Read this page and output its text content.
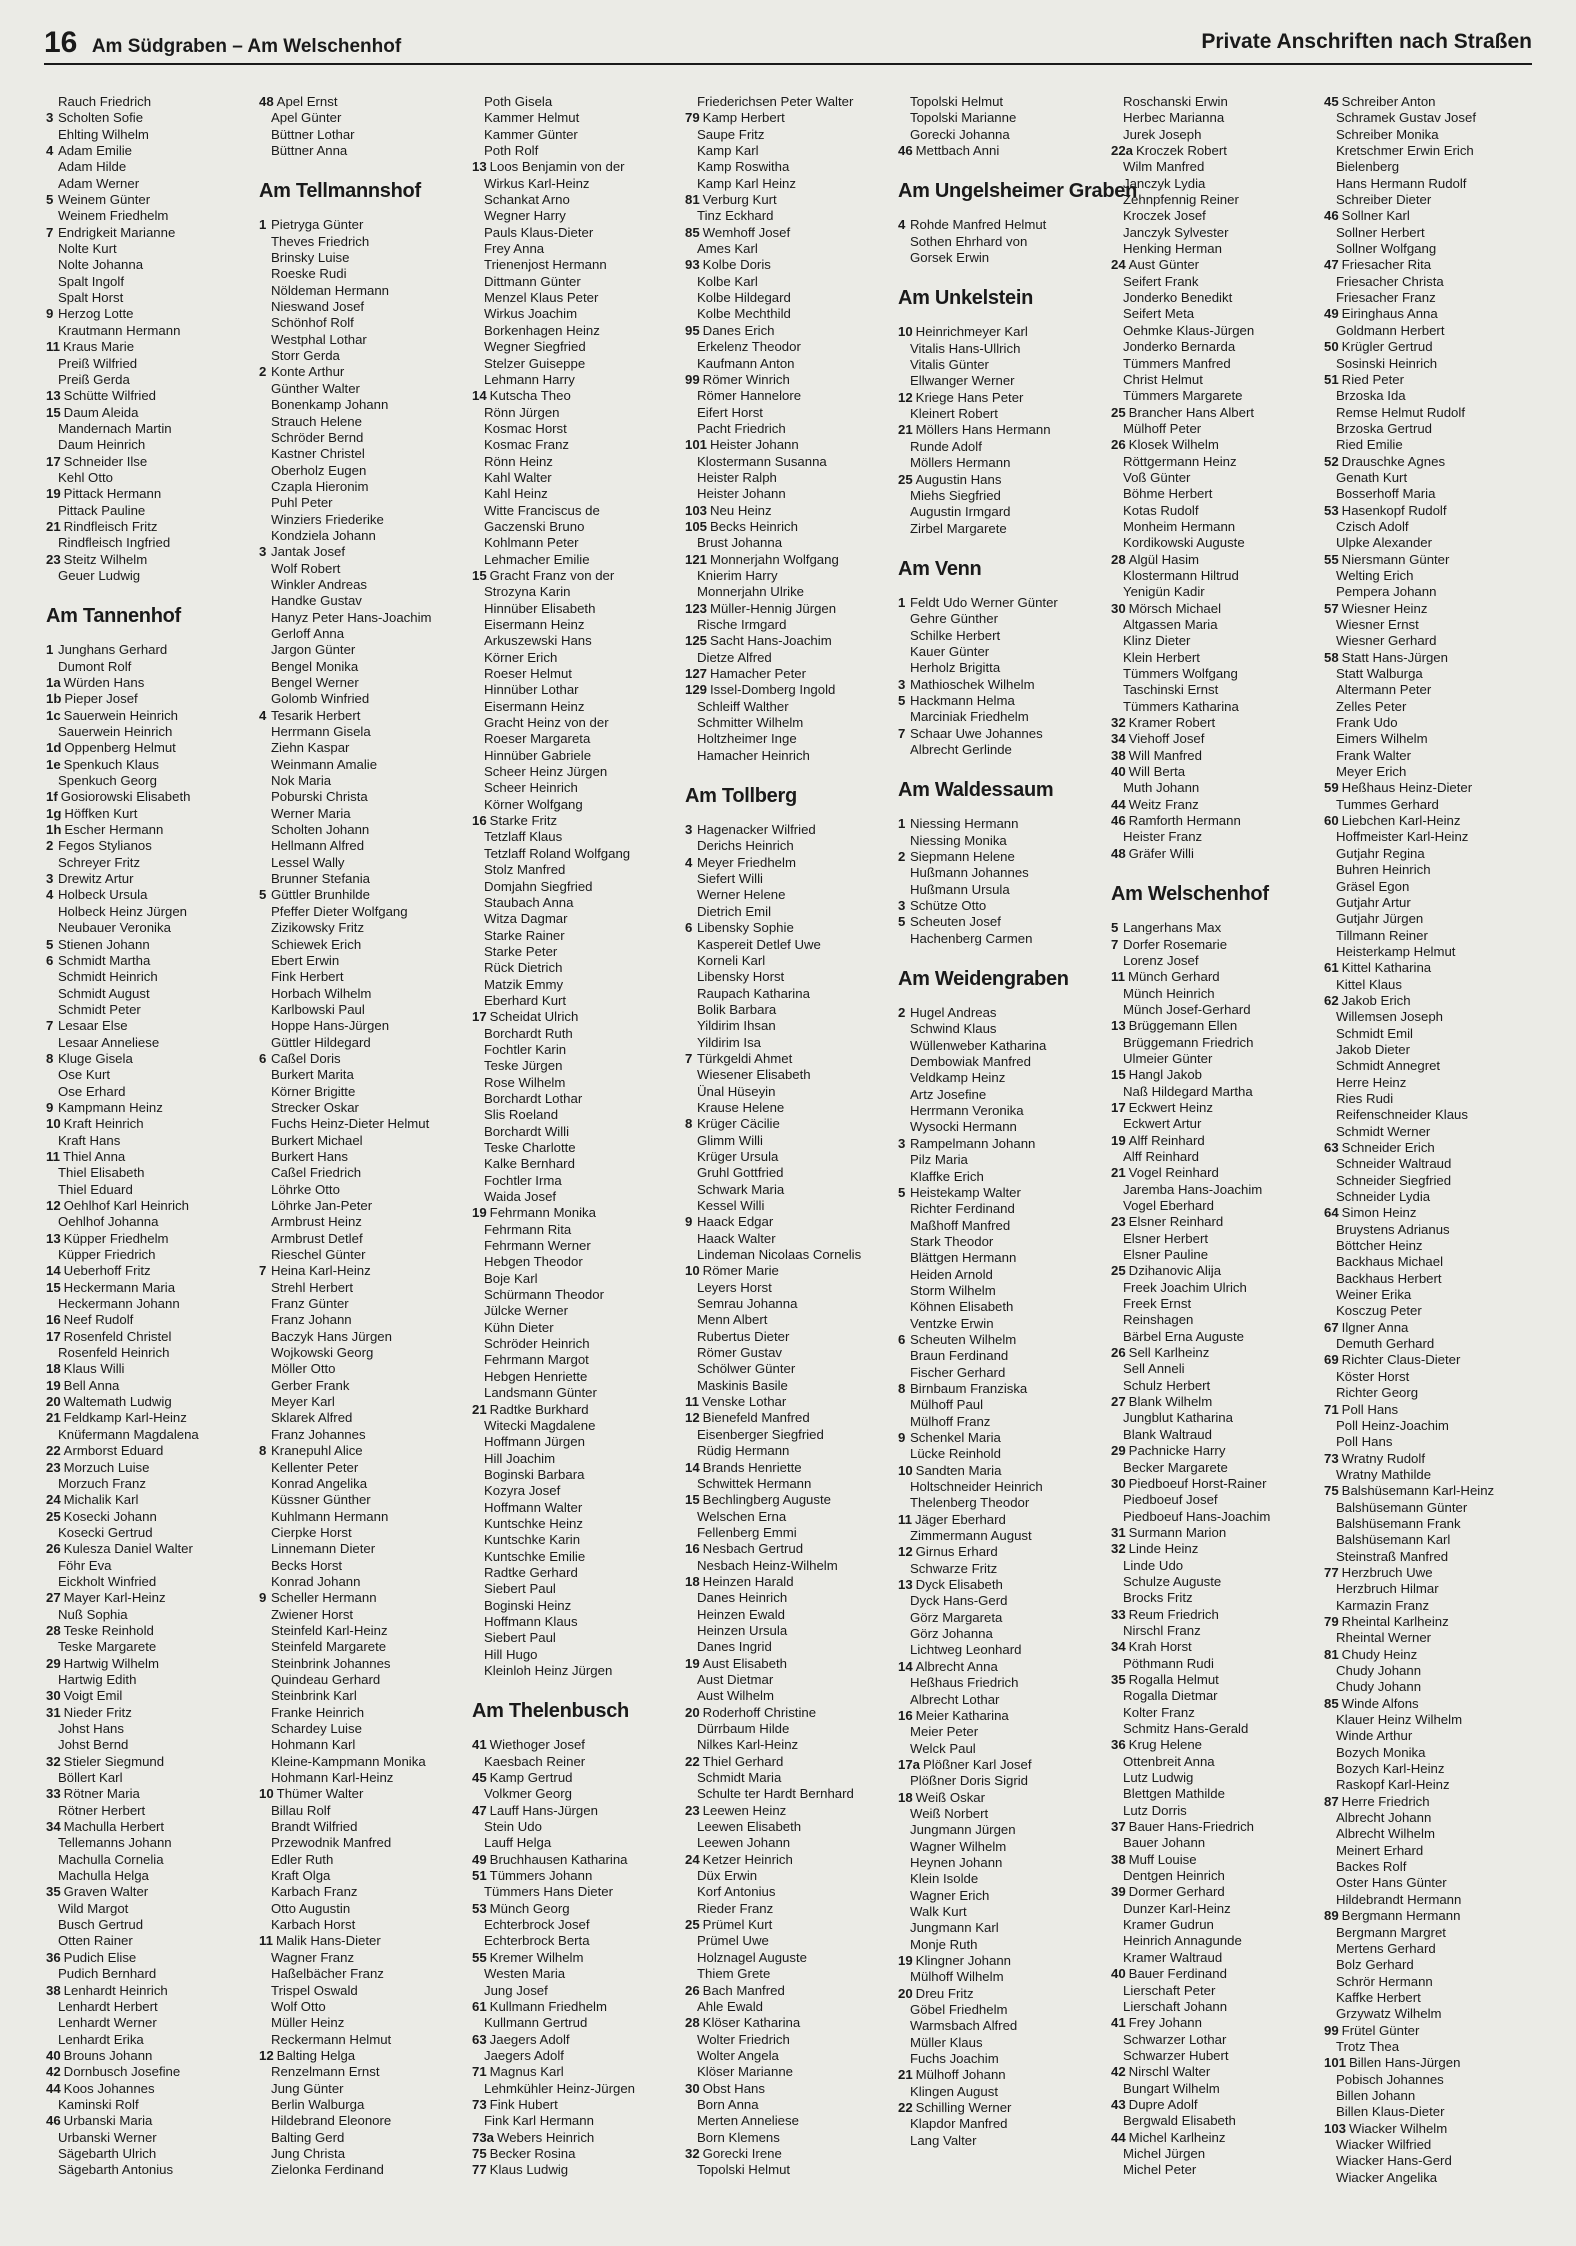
16 Am Südgraben – Am Welschenhof	Private Anschriften nach Straßen
Rauch Friedrich
3 Scholten Sofie
Ehlting Wilhelm
4 Adam Emilie
Adam Hilde
Adam Werner
5 Weinem Günter
Weinem Friedhelm
7 Endrigkeit Marianne
Nolte Kurt
Nolte Johanna
Spalt Ingolf
Spalt Horst
9 Herzog Lotte
Krautmann Hermann
11 Kraus Marie
Preiß Wilfried
Preiß Gerda
13 Schütte Wilfried
15 Daum Aleida
Mandernach Martin
Daum Heinrich
17 Schneider Ilse
Kehl Otto
19 Pittack Hermann
Pittack Pauline
21 Rindfleisch Fritz
Rindfleisch Ingfried
23 Steitz Wilhelm
Geuer Ludwig
Am Tannenhof
1 Junghans Gerhard
Dumont Rolf
1a Würden Hans
1b Pieper Josef
1c Sauerwein Heinrich
Sauerwein Heinrich
1d Oppenberg Helmut
1e Spenkuch Klaus
Spenkuch Georg
1f Gosiorowski Elisabeth
1g Höffken Kurt
1h Escher Hermann
2 Fegos Stylianos
Schreyer Fritz
3 Drewitz Artur
4 Holbeck Ursula
Holbeck Heinz Jürgen
Neubauer Veronika
5 Stienen Johann
6 Schmidt Martha
Schmidt Heinrich
Schmidt August
Schmidt Peter
7 Lesaar Else
Lesaar Anneliese
8 Kluge Gisela
Ose Kurt
Ose Erhard
9 Kampmann Heinz
10 Kraft Heinrich
Kraft Hans
11 Thiel Anna
Thiel Elisabeth
Thiel Eduard
12 Oehlhof Karl Heinrich
Oehlhof Johanna
13 Küpper Friedhelm
Küpper Friedrich
14 Ueberhoff Fritz
15 Heckermann Maria
Heckermann Johann
16 Neef Rudolf
17 Rosenfeld Christel
Rosenfeld Heinrich
18 Klaus Willi
19 Bell Anna
20 Waltemath Ludwig
21 Feldkamp Karl-Heinz
Knüfermann Magdalena
22 Armborst Eduard
23 Morzuch Luise
Morzuch Franz
24 Michalik Karl
25 Kosecki Johann
Kosecki Gertrud
26 Kulesza Daniel Walter
Föhr Eva
Eickholt Winfried
27 Mayer Karl-Heinz
Nuß Sophia
28 Teske Reinhold
Teske Margarete
29 Hartwig Wilhelm
Hartwig Edith
30 Voigt Emil
31 Nieder Fritz
Johst Hans
Johst Bernd
32 Stieler Siegmund
Böllert Karl
33 Rötner Maria
Rötner Herbert
34 Machulla Herbert
Tellemanns Johann
Machulla Cornelia
Machulla Helga
35 Graven Walter
Wild Margot
Busch Gertrud
Otten Rainer
36 Pudich Elise
Pudich Bernhard
38 Lenhardt Heinrich
Lenhardt Herbert
Lenhardt Werner
Lenhardt Erika
40 Brouns Johann
42 Dornbusch Josefine
44 Koos Johannes
Kaminski Rolf
46 Urbanski Maria
Urbanski Werner
Sägebarth Ulrich
Sägebarth Antonius
48 Apel Ernst
Apel Günter
Büttner Lothar
Büttner Anna
Am Tellmannshof
1 Pietryga Günter
Theves Friedrich
Brinsky Luise
Roeske Rudi
Nöldeman Hermann
Nieswand Josef
Schönhof Rolf
Westphal Lothar
Storr Gerda
2 Konte Arthur
Günther Walter
Bonenkamp Johann
Strauch Helene
Schröder Bernd
Kastner Christel
Oberholz Eugen
Czapla Hieronim
Puhl Peter
Winziers Friederike
Kondziela Johann
3 Jantak Josef
Wolf Robert
Winkler Andreas
Handke Gustav
Hanyz Peter Hans-Joachim
Gerloff Anna
Jargon Günter
Bengel Monika
Bengel Werner
Golomb Winfried
4 Tesarik Herbert
Herrmann Gisela
Ziehn Kaspar
Weinmann Amalie
Nok Maria
Poburski Christa
Werner Maria
Scholten Johann
Hellmann Alfred
Lessel Wally
Brunner Stefania
5 Güttler Brunhilde
Pfeffer Dieter Wolfgang
Zizikowsky Fritz
Schiewek Erich
Ebert Erwin
Fink Herbert
Horbach Wilhelm
Karlbowski Paul
Hoppe Hans-Jürgen
Güttler Hildegard
6 Caßel Doris
Burkert Marita
Körner Brigitte
Strecker Oskar
Fuchs Heinz-Dieter Helmut
Burkert Michael
Burkert Hans
Caßel Friedrich
Löhrke Otto
Löhrke Jan-Peter
Armbrust Heinz
Armbrust Detlef
Rieschel Günter
7 Heina Karl-Heinz
Strehl Herbert
Franz Günter
Franz Johann
Baczyk Hans Jürgen
Wojkowski Georg
Möller Otto
Gerber Frank
Meyer Karl
Sklarek Alfred
Franz Johannes
8 Kranepuhl Alice
Kellenter Peter
Konrad Angelika
Küssner Günther
Kuhlmann Hermann
Cierpke Horst
Linnemann Dieter
Becks Horst
Konrad Johann
9 Scheller Hermann
Zwiener Horst
Steinfeld Karl-Heinz
Steinfeld Margarete
Steinbrink Johannes
Quindeau Gerhard
Steinbrink Karl
Franke Heinrich
Schardey Luise
Hohmann Karl
Kleine-Kampmann Monika
Hohmann Karl-Heinz
10 Thümer Walter
Billau Rolf
Brandt Wilfried
Przewodnik Manfred
Edler Ruth
Kraft Olga
Karbach Franz
Otto Augustin
Karbach Horst
11 Malik Hans-Dieter
Wagner Franz
Haßelbächer Franz
Trispel Oswald
Wolf Otto
Müller Heinz
Reckermann Helmut
12 Balting Helga
Renzelmann Ernst
Jung Günter
Berlin Walburga
Hildebrand Eleonore
Balting Gerd
Jung Christa
Zielonka Ferdinand
Poth Gisela
Kammer Helmut
Kammer Günter
Poth Rolf
13 Loos Benjamin von der
Wirkus Karl-Heinz
Schankat Arno
Wegner Harry
Pauls Klaus-Dieter
Frey Anna
Trienenjost Hermann
Dittmann Günter
Menzel Klaus Peter
Wirkus Joachim
Borkenhagen Heinz
Wegner Siegfried
Stelzer Guiseppe
Lehmann Harry
14 Kutscha Theo
Rönn Jürgen
Kosmac Horst
Kosmac Franz
Rönn Heinz
Kahl Walter
Kahl Heinz
Witte Franciscus de
Gaczenski Bruno
Kohlmann Peter
Lehmacher Emilie
15 Gracht Franz von der
Strozyna Karin
Hinnüber Elisabeth
Eisermann Heinz
Arkuszewski Hans
Körner Erich
Roeser Helmut
Hinnüber Lothar
Eisermann Heinz
Gracht Heinz von der
Roeser Margareta
Hinnüber Gabriele
Scheer Heinz Jürgen
Scheer Heinrich
Körner Wolfgang
16 Starke Fritz
Tetzlaff Klaus
Tetzlaff Roland Wolfgang
Stolz Manfred
Domjahn Siegfried
Staubach Anna
Witza Dagmar
Starke Rainer
Starke Peter
Rück Dietrich
Matzik Emmy
Eberhard Kurt
17 Scheidat Ulrich
Borchardt Ruth
Fochtler Karin
Teske Jürgen
Rose Wilhelm
Borchardt Lothar
Slis Roeland
Borchardt Willi
Teske Charlotte
Kalke Bernhard
Fochtler Irma
Waida Josef
19 Fehrmann Monika
Fehrmann Rita
Fehrmann Werner
Hebgen Theodor
Boje Karl
Schürmann Theodor
Jülcke Werner
Kühn Dieter
Schröder Heinrich
Fehrmann Margot
Hebgen Henriette
Landsmann Günter
21 Radtke Burkhard
Witecki Magdalene
Hoffmann Jürgen
Hill Joachim
Boginski Barbara
Kozyra Josef
Hoffmann Walter
Kuntschke Heinz
Kuntschke Karin
Kuntschke Emilie
Radtke Gerhard
Siebert Paul
Boginski Heinz
Hoffmann Klaus
Siebert Paul
Hill Hugo
Kleinloh Heinz Jürgen
Am Thelenbusch
41 Wiethoger Josef
Kaesbach Reiner
45 Kamp Gertrud
Volkmer Georg
47 Lauff Hans-Jürgen
Stein Udo
Lauff Helga
49 Bruchhausen Katharina
51 Tümmers Johann
Tümmers Hans Dieter
53 Münch Georg
Echterbrock Josef
Echterbrock Berta
55 Kremer Wilhelm
Westen Maria
Jung Josef
61 Kullmann Friedhelm
Kullmann Gertrud
63 Jaegers Adolf
Jaegers Adolf
71 Magnus Karl
Lehmkühler Heinz-Jürgen
73 Fink Hubert
Fink Karl Hermann
73a Webers Heinrich
75 Becker Rosina
77 Klaus Ludwig
Friederichsen Peter Walter
79 Kamp Herbert
Saupe Fritz
Kamp Karl
Kamp Roswitha
Kamp Karl Heinz
81 Verburg Kurt
Tinz Eckhard
85 Wemhoff Josef
Ames Karl
93 Kolbe Doris
Kolbe Karl
Kolbe Hildegard
Kolbe Mechthild
95 Danes Erich
Erkelenz Theodor
Kaufmann Anton
99 Römer Winrich
Römer Hannelore
Eifert Horst
Pacht Friedrich
101 Heister Johann
Klostermann Susanna
Heister Ralph
Heister Johann
103 Neu Heinz
105 Becks Heinrich
Brust Johanna
121 Monnerjahn Wolfgang
Knierim Harry
Monnerjahn Ulrike
123 Müller-Hennig Jürgen
Rische Irmgard
125 Sacht Hans-Joachim
Dietze Alfred
127 Hamacher Peter
129 Issel-Domberg Ingold
Schleiff Walther
Schmitter Wilhelm
Holtzheimer Inge
Hamacher Heinrich
Am Tollberg
3 Hagenacker Wilfried
Derichs Heinrich
4 Meyer Friedhelm
Siefert Willi
Werner Helene
Dietrich Emil
6 Libensky Sophie
Kaspereit Detlef Uwe
Korneli Karl
Libensky Horst
Raupach Katharina
Bolik Barbara
Yildirim Ihsan
Yildirim Isa
7 Türkgeldi Ahmet
Wiesener Elisabeth
Ünal Hüseyin
Krause Helene
8 Krüger Cäcilie
Glimm Willi
Krüger Ursula
Gruhl Gottfried
Schwark Maria
Kessel Willi
9 Haack Edgar
Haack Walter
Lindeman Nicolaas Cornelis
10 Römer Marie
Leyers Horst
Semrau Johanna
Menn Albert
Rubertus Dieter
Römer Gustav
Schölwer Günter
Maskinis Basile
11 Venske Lothar
12 Bienefeld Manfred
Eisenberger Siegfried
Rüdig Hermann
14 Brands Henriette
Schwittek Hermann
15 Bechlingberg Auguste
Welschen Erna
Fellenberg Emmi
16 Nesbach Gertrud
Nesbach Heinz-Wilhelm
18 Heinzen Harald
Danes Heinrich
Heinzen Ewald
Heinzen Ursula
Danes Ingrid
19 Aust Elisabeth
Aust Dietmar
Aust Wilhelm
20 Roderhoff Christine
Dürrbaum Hilde
Nilkes Karl-Heinz
22 Thiel Gerhard
Schmidt Maria
Schulte ter Hardt Bernhard
23 Leewen Heinz
Leewen Elisabeth
Leewen Johann
24 Ketzer Heinrich
Düx Erwin
Korf Antonius
Rieder Franz
25 Prümel Kurt
Prümel Uwe
Holznagel Auguste
Thiem Grete
26 Bach Manfred
Ahle Ewald
28 Klöser Katharina
Wolter Friedrich
Wolter Angela
Klöser Marianne
30 Obst Hans
Born Anna
Merten Anneliese
Born Klemens
32 Gorecki Irene
Topolski Helmut
Topolski Helmut
Topolski Marianne
Gorecki Johanna
46 Mettbach Anni
Am Ungelsheimer Graben
4 Rohde Manfred Helmut
Sothen Ehrhard von
Gorsek Erwin
Am Unkelstein
10 Heinrichmeyer Karl
Vitalis Hans-Ullrich
Vitalis Günter
Ellwanger Werner
12 Kriege Hans Peter
Kleinert Robert
21 Möllers Hans Hermann
Runde Adolf
Möllers Hermann
25 Augustin Hans
Miehs Siegfried
Augustin Irmgard
Zirbel Margarete
Am Venn
1 Feldt Udo Werner Günter
Gehre Günther
Schilke Herbert
Kauer Günter
Herholz Brigitta
3 Mathioschek Wilhelm
5 Hackmann Helma
Marciniak Friedhelm
7 Schaar Uwe Johannes
Albrecht Gerlinde
Am Waldessaum
1 Niessing Hermann
Niessing Monika
2 Siepmann Helene
Hußmann Johannes
Hußmann Ursula
3 Schütze Otto
5 Scheuten Josef
Hachenberg Carmen
Am Weidengraben
2 Hugel Andreas
Schwind Klaus
Wüllenweber Katharina
Dembowiak Manfred
Veldkamp Heinz
Artz Josefine
Herrmann Veronika
Wysocki Hermann
3 Rampelmann Johann
Pilz Maria
Klaffke Erich
5 Heistekamp Walter
Richter Ferdinand
Maßhoff Manfred
Stark Theodor
Blättgen Hermann
Heiden Arnold
Storm Wilhelm
Köhnen Elisabeth
Ventzke Erwin
6 Scheuten Wilhelm
Braun Ferdinand
Fischer Gerhard
8 Birnbaum Franziska
Mülhoff Paul
Mülhoff Franz
9 Schenkel Maria
Lücke Reinhold
10 Sandten Maria
Holtschneider Heinrich
Thelenberg Theodor
11 Jäger Eberhard
Zimmermann August
12 Girnus Erhard
Schwarze Fritz
13 Dyck Elisabeth
Dyck Hans-Gerd
Görz Margareta
Görz Johanna
Lichtweg Leonhard
14 Albrecht Anna
Heßhaus Friedrich
Albrecht Lothar
16 Meier Katharina
Meier Peter
Welck Paul
17a Plößner Karl Josef
Plößner Doris Sigrid
18 Weiß Oskar
Weiß Norbert
Jungmann Jürgen
Wagner Wilhelm
Heynen Johann
Klein Isolde
Wagner Erich
Walk Kurt
Jungmann Karl
Monje Ruth
19 Klingner Johann
Mülhoff Wilhelm
20 Dreu Fritz
Göbel Friedhelm
Warmsbach Alfred
Müller Klaus
Fuchs Joachim
21 Mülhoff Johann
Klingen August
22 Schilling Werner
Klapdor Manfred
Lang Valter
Roschanski Erwin
Herbec Marianna
Jurek Joseph
22a Kroczek Robert
Wilm Manfred
Janczyk Lydia
Zehnpfennig Reiner
Kroczek Josef
Janczyk Sylvester
Henking Herman
24 Aust Günter
Seifert Frank
Jonderko Benedikt
Seifert Meta
Oehmke Klaus-Jürgen
Jonderko Bernarda
Tümmers Manfred
Christ Helmut
Tümmers Margarete
25 Brancher Hans Albert
Mülhoff Peter
26 Klosek Wilhelm
Röttgermann Heinz
Voß Günter
Böhme Herbert
Kotas Rudolf
Monheim Hermann
Kordikowski Auguste
28 Algül Hasim
Klostermann Hiltrud
Yenigün Kadir
30 Mörsch Michael
Altgassen Maria
Klinz Dieter
Klein Herbert
Tümmers Wolfgang
Taschinski Ernst
Tümmers Katharina
32 Kramer Robert
34 Viehoff Josef
38 Will Manfred
40 Will Berta
Muth Johann
44 Weitz Franz
46 Ramforth Hermann
Heister Franz
48 Gräfer Willi
Am Welschenhof
5 Langerhans Max
7 Dorfer Rosemarie
Lorenz Josef
11 Münch Gerhard
Münch Heinrich
Münch Josef-Gerhard
13 Brüggemann Ellen
Brüggemann Friedrich
Ulmeier Günter
15 Hangl Jakob
Naß Hildegard Martha
17 Eckwert Heinz
Eckwert Artur
19 Alff Reinhard
Alff Reinhard
21 Vogel Reinhard
Jaremba Hans-Joachim
Vogel Eberhard
23 Elsner Reinhard
Elsner Herbert
Elsner Pauline
25 Dzihanovic Alija
Freek Joachim Ulrich
Freek Ernst
Reinshagen
Bärbel Erna Auguste
26 Sell Karlheinz
Sell Anneli
Schulz Herbert
27 Blank Wilhelm
Jungblut Katharina
Blank Waltraud
29 Pachnicke Harry
Becker Margarete
30 Piedboeuf Horst-Rainer
Piedboeuf Josef
Piedboeuf Hans-Joachim
31 Surmann Marion
32 Linde Heinz
Linde Udo
Schulze Auguste
Brocks Fritz
33 Reum Friedrich
Nirschl Franz
34 Krah Horst
Pöthmann Rudi
35 Rogalla Helmut
Rogalla Dietmar
Kolter Franz
Schmitz Hans-Gerald
36 Krug Helene
Ottenbreit Anna
Lutz Ludwig
Blettgen Mathilde
Lutz Dorris
37 Bauer Hans-Friedrich
Bauer Johann
38 Muff Louise
Dentgen Heinrich
39 Dormer Gerhard
Dunzer Karl-Heinz
Kramer Gudrun
Heinrich Annagunde
Kramer Waltraud
40 Bauer Ferdinand
Lierschaft Peter
Lierschaft Johann
41 Frey Johann
Schwarzer Lothar
Schwarzer Hubert
42 Nirschl Walter
Bungart Wilhelm
43 Dupre Adolf
Bergwald Elisabeth
44 Michel Karlheinz
Michel Jürgen
Michel Peter
45 Schreiber Anton
Schramek Gustav Josef
Schreiber Monika
Kretschmer Erwin Erich
Bielenberg
Hans Hermann Rudolf
Schreiber Dieter
46 Sollner Karl
Sollner Herbert
Sollner Wolfgang
47 Friesacher Rita
Friesacher Christa
Friesacher Franz
49 Eiringhaus Anna
Goldmann Herbert
50 Krügler Gertrud
Sosinski Heinrich
51 Ried Peter
Brzoska Ida
Remse Helmut Rudolf
Brzoska Gertrud
Ried Emilie
52 Drauschke Agnes
Genath Kurt
Bosserhoff Maria
53 Hasenkopf Rudolf
Czisch Adolf
Ulpke Alexander
55 Niersmann Günter
Welting Erich
Pempera Johann
57 Wiesner Heinz
Wiesner Ernst
Wiesner Gerhard
58 Statt Hans-Jürgen
Statt Walburga
Altermann Peter
Zelles Peter
Frank Udo
Eimers Wilhelm
Frank Walter
Meyer Erich
59 Heßhaus Heinz-Dieter
Tummes Gerhard
60 Liebchen Karl-Heinz
Hoffmeister Karl-Heinz
Gutjahr Regina
Buhren Heinrich
Gräsel Egon
Gutjahr Artur
Gutjahr Jürgen
Tillmann Reiner
Heisterkamp Helmut
61 Kittel Katharina
Kittel Klaus
62 Jakob Erich
Willemsen Joseph
Schmidt Emil
Jakob Dieter
Schmidt Annegret
Herre Heinz
Ries Rudi
Reifenschneider Klaus
Schmidt Werner
63 Schneider Erich
Schneider Waltraud
Schneider Siegfried
Schneider Lydia
64 Simon Heinz
Bruystens Adrianus
Böttcher Heinz
Backhaus Michael
Backhaus Herbert
Weiner Erika
Kosczug Peter
67 Ilgner Anna
Demuth Gerhard
69 Richter Claus-Dieter
Köster Horst
Richter Georg
71 Poll Hans
Poll Heinz-Joachim
Poll Hans
73 Wratny Rudolf
Wratny Mathilde
75 Balshüsemann Karl-Heinz
Balshüsemann Günter
Balshüsemann Frank
Balshüsemann Karl
Steinstraß Manfred
77 Herzbruch Uwe
Herzbruch Hilmar
Karmazin Franz
79 Rheintal Karlheinz
Rheintal Werner
81 Chudy Heinz
Chudy Johann
Chudy Johann
85 Winde Alfons
Klauer Heinz Wilhelm
Winde Arthur
Bozych Monika
Bozych Karl-Heinz
Raskopf Karl-Heinz
87 Herre Friedrich
Albrecht Johann
Albrecht Wilhelm
Meinert Erhard
Backes Rolf
Oster Hans Günter
Hildebrandt Hermann
89 Bergmann Hermann
Bergmann Margret
Mertens Gerhard
Bolz Gerhard
Schrör Hermann
Kaffke Herbert
Grzywatz Wilhelm
99 Frütel Günter
Trotz Thea
101 Billen Hans-Jürgen
Pobisch Johannes
Billen Johann
Billen Klaus-Dieter
103 Wiacker Wilhelm
Wiacker Wilfried
Wiacker Hans-Gerd
Wiacker Angelika
